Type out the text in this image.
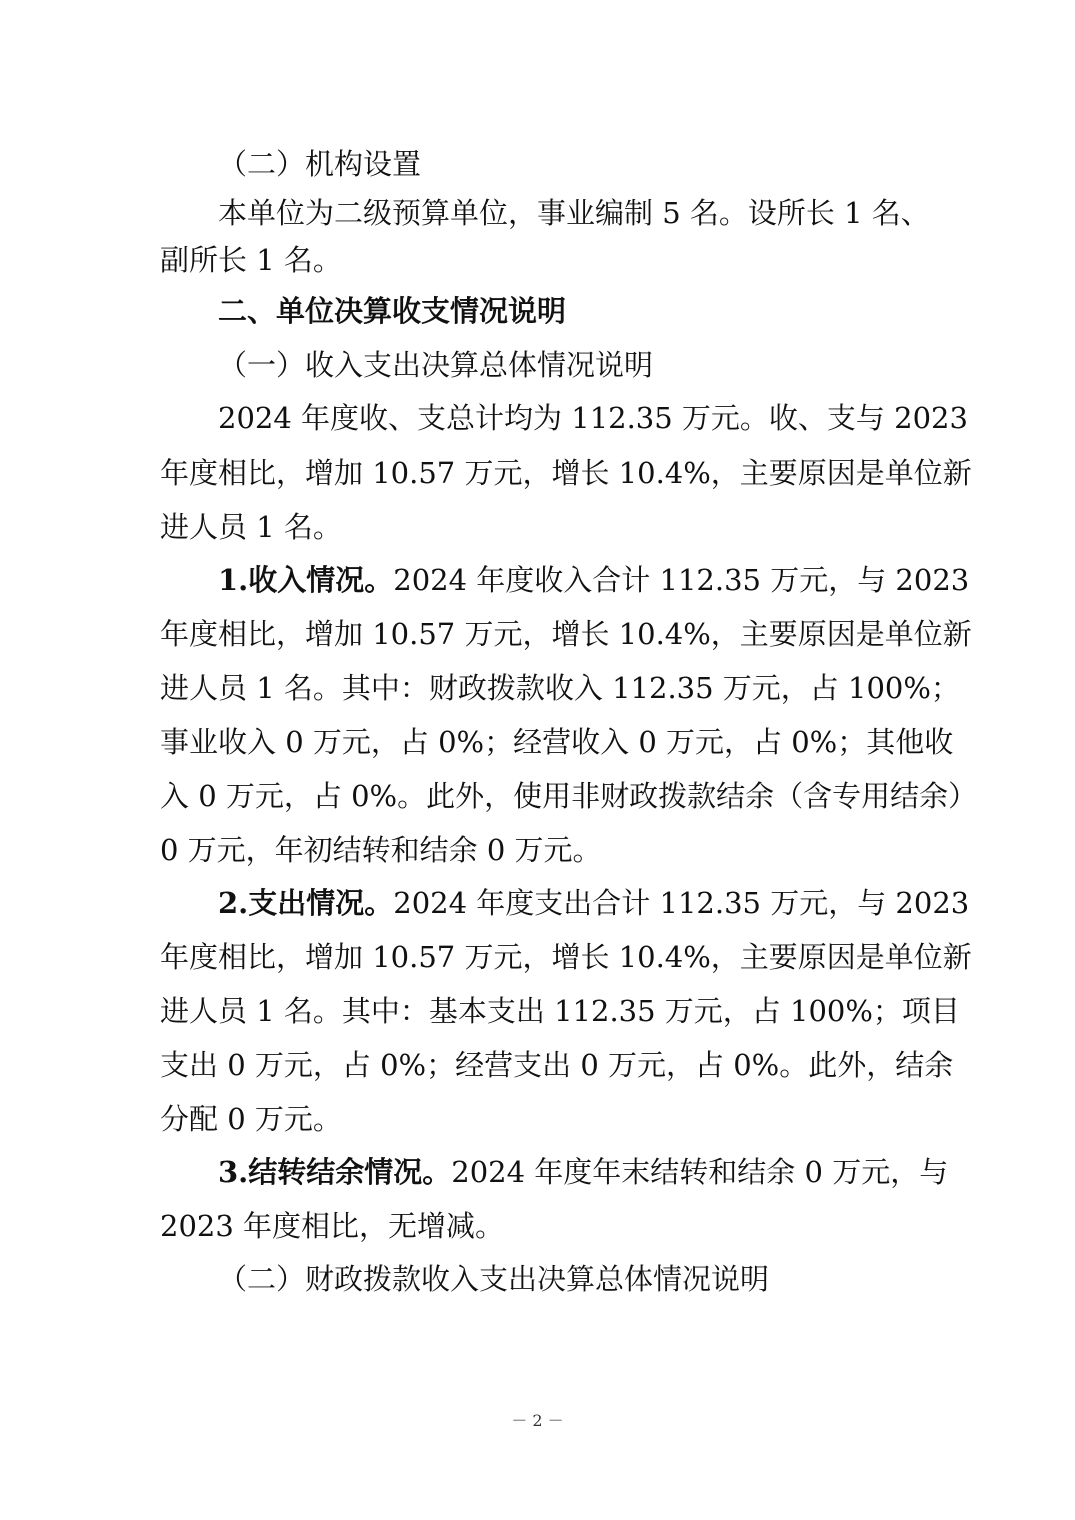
（二）机构设置
本单位为二级预算单位，事业编制 5 名。设所长 1 名、
副所长 1 名。
二、单位决算收支情况说明
（一）收入支出决算总体情况说明
2024 年度收、支总计均为 112.35 万元。收、支与 2023
年度相比，增加 10.57 万元，增长 10.4%，主要原因是单位新
进人员 1 名。
1.收入情况。2024 年度收入合计 112.35 万元，与 2023
年度相比，增加 10.57 万元，增长 10.4%，主要原因是单位新
进人员 1 名。其中：财政拨款收入 112.35 万元，占 100%；
事业收入 0 万元，占 0%；经营收入 0 万元，占 0%；其他收
入 0 万元，占 0%。此外，使用非财政拨款结余（含专用结余）
0 万元，年初结转和结余 0 万元。
2.支出情况。2024 年度支出合计 112.35 万元，与 2023
年度相比，增加 10.57 万元，增长 10.4%，主要原因是单位新
进人员 1 名。其中：基本支出 112.35 万元，占 100%；项目
支出 0 万元，占 0%；经营支出 0 万元，占 0%。此外，结余
分配 0 万元。
3.结转结余情况。2024 年度年末结转和结余 0 万元，与
2023 年度相比，无增减。
（二）财政拨款收入支出决算总体情况说明
－ 2 －
